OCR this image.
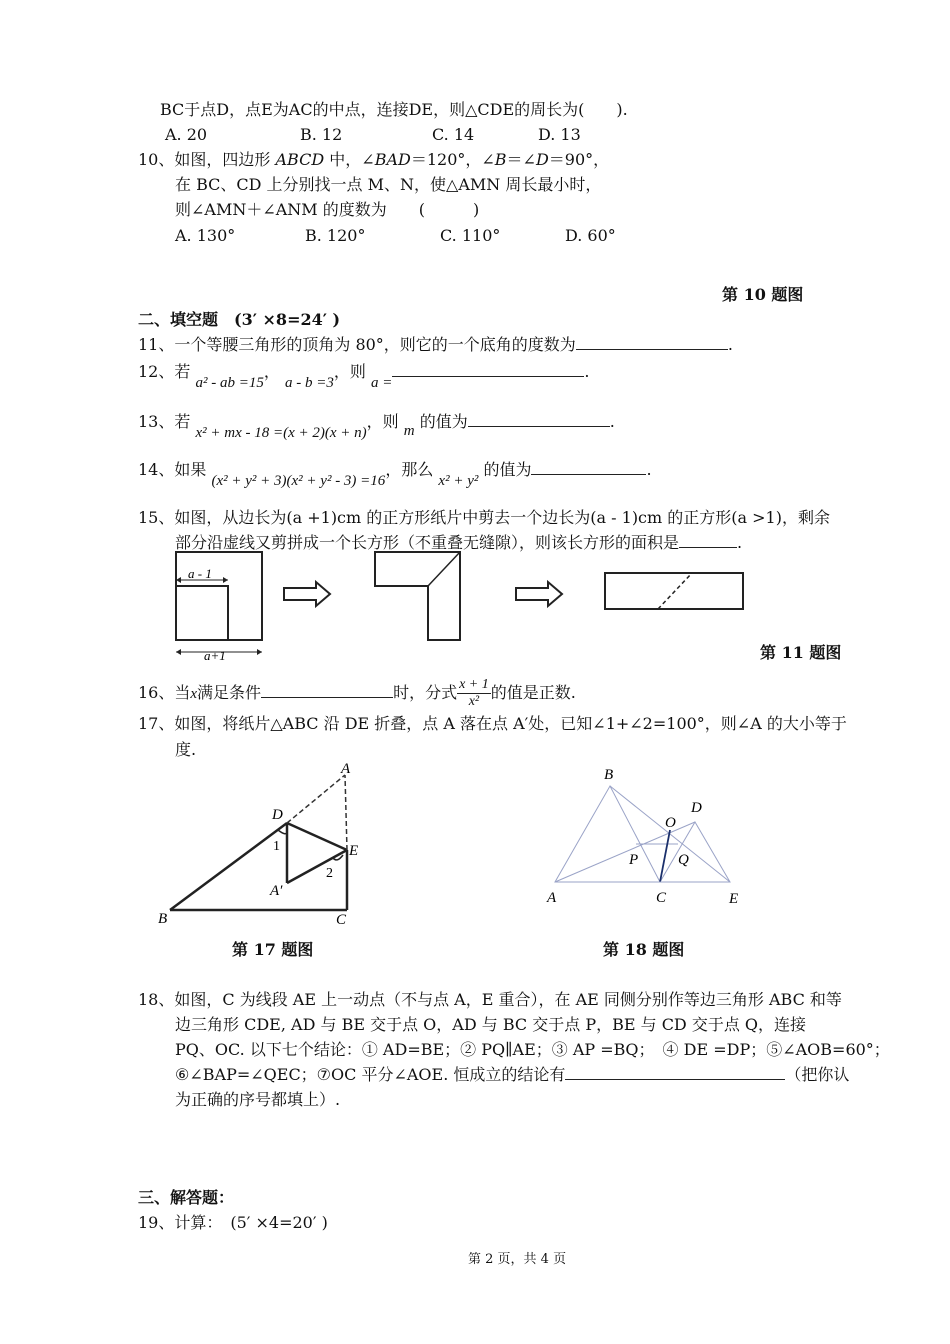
BC于点D，点E为AC的中点，连接DE，则△CDE的周长为(　　).
A. 20	B. 12	C. 14	D. 13
10、如图，四边形 ABCD 中，∠BAD＝120°，∠B＝∠D＝90°，
在 BC、CD 上分别找一点 M、N，使△AMN 周长最小时，
则∠AMN＋∠ANM 的度数为　　(　　　)
A. 130°	B. 120°	C. 110°	D. 60°
第 10 题图
二、填空题　 (3′ ×8=24′ )
11、一个等腰三角形的顶角为 80°，则它的一个底角的度数为	.
12、若 a² - ab =15， a - b =3，则 a =.
13、若 x² + mx - 18 =(x + 2)(x + n)，则 m 的值为	.
14、如果 (x² + y² + 3)(x² + y² - 3) =16，那么 x² + y² 的值为	.
15、如图，从边长为(a +1)cm 的正方形纸片中剪去一个边长为(a - 1)cm 的正方形(a >1)，剩余
部分沿虚线又剪拼成一个长方形（不重叠无缝隙），则该长方形的面积是	.
a - 1
a+1	第 11 题图
16、当x满足条件	时，分式 $\frac{x + 1}{\text{x²}}$ 的值是正数.
17、如图，将纸片△ABC 沿 DE 折叠，点 A 落在点 A′处，已知∠1+∠2=100°，则∠A 的大小等于
度.
A
D
E
B	C
A′
1
2
第 17 题图
B
D
O
P	Q
A	C	E
第 18 题图
18、如图，C 为线段 AE 上一动点（不与点 A，E 重合），在 AE 同侧分别作等边三角形 ABC 和等
边三角形 CDE, AD 与 BE 交于点 O，AD 与 BC 交于点 P，BE 与 CD 交于点 Q，连接
PQ、OC. 以下七个结论：① AD=BE；② PQ∥AE；③ AP =BQ；　④ DE =DP；⑤∠AOB=60°；
⑥∠BAP=∠QEC；⑦OC 平分∠AOE. 恒成立的结论有	（把你认
为正确的序号都填上）.
三、解答题：
19、计算：　(5′ ×4=20′ )
第 2 页，共 4 页
